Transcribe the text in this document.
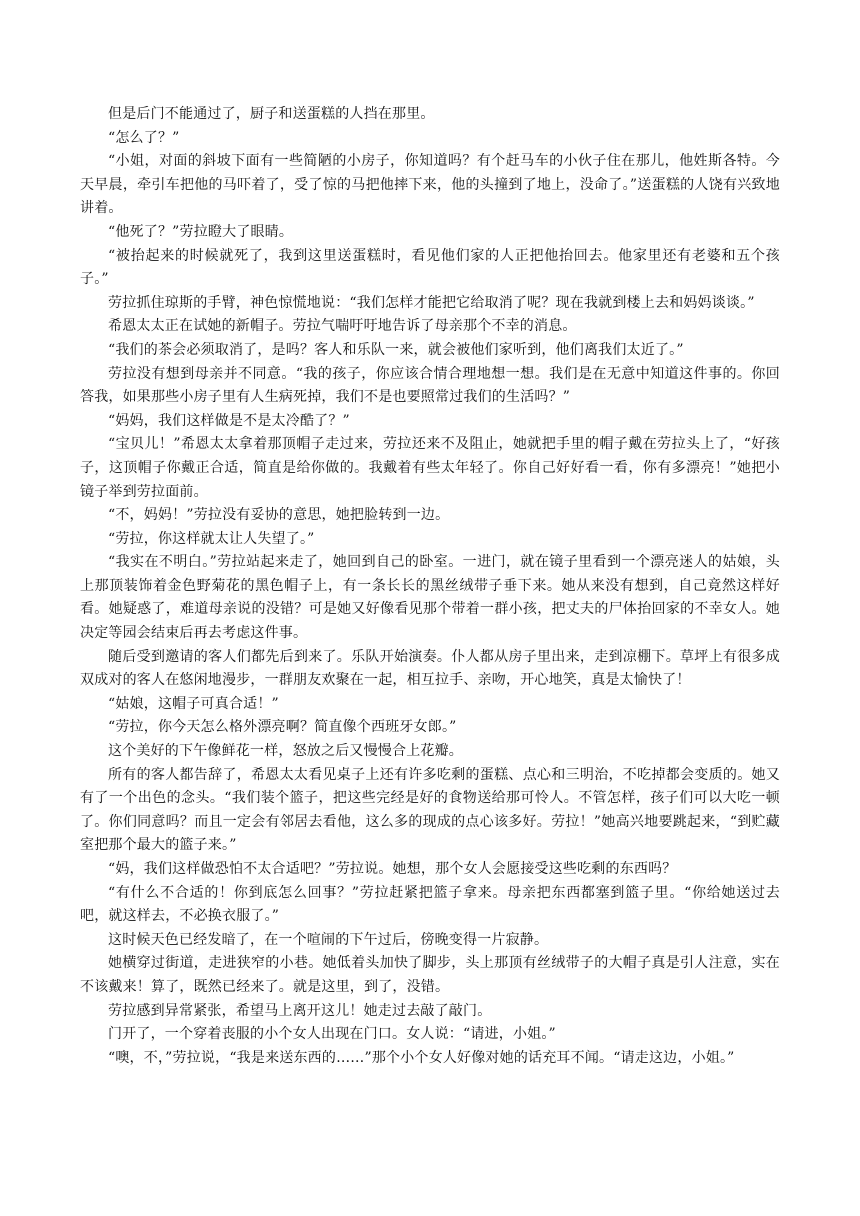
但是后门不能通过了，厨子和送蛋糕的人挡在那里。

“怎么了？”

“小姐，对面的斜坡下面有一些简陋的小房子，你知道吗？有个赶马车的小伙子住在那儿，他姓斯各特。今天早晨，牵引车把他的马吓着了，受了惊的马把他摔下来，他的头撞到了地上，没命了。”送蛋糕的人饶有兴致地讲着。

“他死了？”劳拉瞪大了眼睛。

“被抬起来的时候就死了，我到这里送蛋糕时，看见他们家的人正把他抬回去。他家里还有老婆和五个孩子。”

劳拉抓住琼斯的手臂，神色惊慌地说：“我们怎样才能把它给取消了呢？现在我就到楼上去和妈妈谈谈。”

希恩太太正在试她的新帽子。劳拉气喘吁吁地告诉了母亲那个不幸的消息。

“我们的茶会必须取消了，是吗？客人和乐队一来，就会被他们家听到，他们离我们太近了。”

劳拉没有想到母亲并不同意。“我的孩子，你应该合情合理地想一想。我们是在无意中知道这件事的。你回答我，如果那些小房子里有人生病死掉，我们不是也要照常过我们的生活吗？”

“妈妈，我们这样做是不是太冷酷了？”

“宝贝儿！”希恩太太拿着那顶帽子走过来，劳拉还来不及阻止，她就把手里的帽子戴在劳拉头上了，“好孩子，这顶帽子你戴正合适，简直是给你做的。我戴着有些太年轻了。你自己好好看一看，你有多漂亮！”她把小镜子举到劳拉面前。

“不，妈妈！”劳拉没有妥协的意思，她把脸转到一边。

“劳拉，你这样就太让人失望了。”

“我实在不明白。”劳拉站起来走了，她回到自己的卧室。一进门，就在镜子里看到一个漂亮迷人的姑娘，头上那顶装饰着金色野菊花的黑色帽子上，有一条长长的黑丝绒带子垂下来。她从来没有想到，自己竟然这样好看。她疑惑了，难道母亲说的没错？可是她又好像看见那个带着一群小孩，把丈夫的尸体抬回家的不幸女人。她决定等园会结束后再去考虑这件事。

随后受到邀请的客人们都先后到来了。乐队开始演奏。仆人都从房子里出来，走到凉棚下。草坪上有很多成双成对的客人在悠闲地漫步，一群朋友欢聚在一起，相互拉手、亲吻，开心地笑，真是太愉快了！

“姑娘，这帽子可真合适！”

“劳拉，你今天怎么格外漂亮啊？简直像个西班牙女郎。”

这个美好的下午像鲜花一样，怒放之后又慢慢合上花瓣。

所有的客人都告辞了，希恩太太看见桌子上还有许多吃剩的蛋糕、点心和三明治，不吃掉都会变质的。她又有了一个出色的念头。“我们装个篮子，把这些完经是好的食物送给那可怜人。不管怎样，孩子们可以大吃一顿了。你们同意吗？而且一定会有邻居去看他，这么多的现成的点心该多好。劳拉！”她高兴地要跳起来，“到贮藏室把那个最大的篮子来。”

“妈，我们这样做恐怕不太合适吧？”劳拉说。她想，那个女人会愿接受这些吃剩的东西吗？

“有什么不合适的！你到底怎么回事？”劳拉赶紧把篮子拿来。母亲把东西都塞到篮子里。“你给她送过去吧，就这样去，不必换衣服了。”

这时候天色已经发暗了，在一个喧闹的下午过后，傍晚变得一片寂静。

她横穿过街道，走进狭窄的小巷。她低着头加快了脚步，头上那顶有丝绒带子的大帽子真是引人注意，实在不该戴来！算了，既然已经来了。就是这里，到了，没错。

劳拉感到异常紧张，希望马上离开这儿！她走过去敲了敲门。

门开了，一个穿着丧服的小个女人出现在门口。女人说：“请进，小姐。”

“噢，不，”劳拉说，“我是来送东西的……”那个小个女人好像对她的话充耳不闻。“请走这边，小姐。”
